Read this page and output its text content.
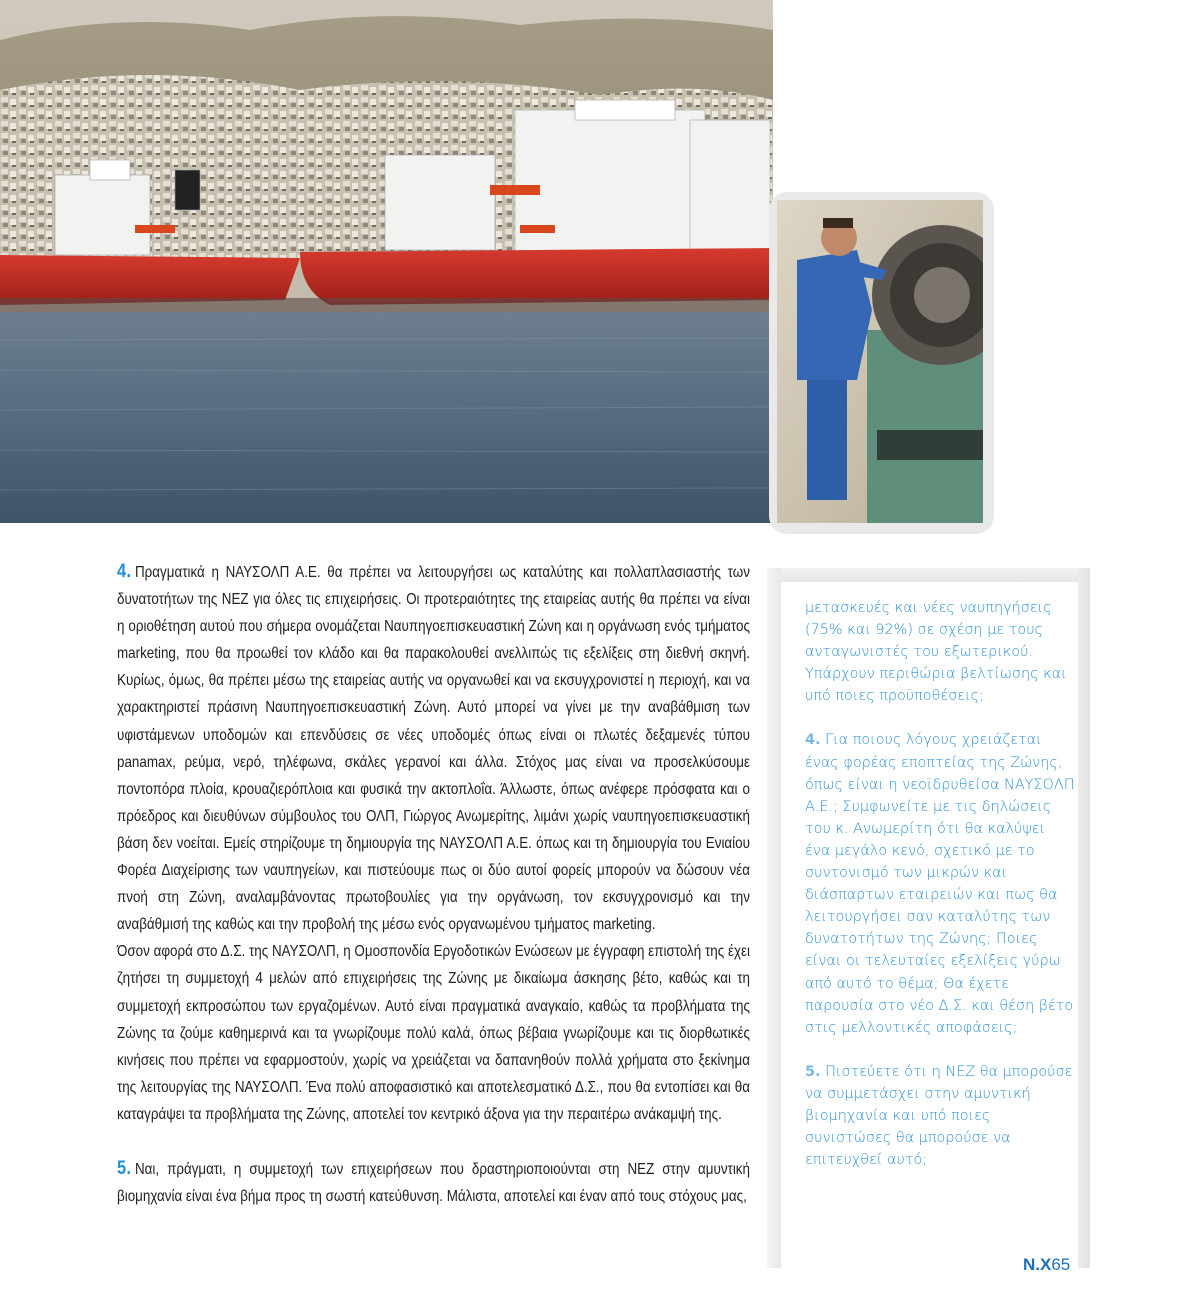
4. Πραγματικά η ΝΑΥΣΟΛΠ Α.Ε. θα πρέπει να λειτουργήσει ως καταλύτης και πολλαπλασιαστής των δυνατοτήτων της ΝΕΖ για όλες τις επιχειρήσεις. Οι προτεραιότητες της εταιρείας αυτής θα πρέπει να είναι η οριοθέτηση αυτού που σήμερα ονομάζεται Ναυπηγοεπισκευαστική Ζώνη και η οργάνωση ενός τμήματος marketing, που θα προωθεί τον κλάδο και θα παρακολουθεί ανελλιπώς τις εξελίξεις στη διεθνή σκηνή. Κυρίως, όμως, θα πρέπει μέσω της εταιρείας αυτής να οργανωθεί και να εκσυγχρονιστεί η περιοχή, και να χαρακτηριστεί πράσινη Ναυπηγοεπισκευαστική Ζώνη. Αυτό μπορεί να γίνει με την αναβάθμιση των υφιστάμενων υποδομών και επενδύσεις σε νέες υποδομές όπως είναι οι πλωτές δεξαμενές τύπου panamax, ρεύμα, νερό, τηλέφωνα, σκάλες γερανοί και άλλα. Στόχος μας είναι να προσελκύσουμε ποντοπόρα πλοία, κρουαζιερόπλοια και φυσικά την ακτοπλοΐα. Άλλωστε, όπως ανέφερε πρόσφατα και ο πρόεδρος και διευθύνων σύμβουλος του ΟΛΠ, Γιώργος Ανωμερίτης, λιμάνι χωρίς ναυπηγοεπισκευαστική βάση δεν νοείται. Εμείς στηρίζουμε τη δημιουργία της ΝΑΥΣΟΛΠ Α.Ε. όπως και τη δημιουργία του Ενιαίου Φορέα Διαχείρισης των ναυπηγείων, και πιστεύουμε πως οι δύο αυτοί φορείς μπορούν να δώσουν νέα πνοή στη Ζώνη, αναλαμβάνοντας πρωτοβουλίες για την οργάνωση, τον εκσυγχρονισμό και την αναβάθμισή της καθώς και την προβολή της μέσω ενός οργανωμένου τμήματος marketing.

Όσον αφορά στο Δ.Σ. της ΝΑΥΣΟΛΠ, η Ομοσπονδία Εργοδοτικών Ενώσεων με έγγραφη επιστολή της έχει ζητήσει τη συμμετοχή 4 μελών από επιχειρήσεις της Ζώνης με δικαίωμα άσκησης βέτο, καθώς και τη συμμετοχή εκπροσώπου των εργαζομένων. Αυτό είναι πραγματικά αναγκαίο, καθώς τα προβλήματα της Ζώνης τα ζούμε καθημερινά και τα γνωρίζουμε πολύ καλά, όπως βέβαια γνωρίζουμε και τις διορθωτικές κινήσεις που πρέπει να εφαρμοστούν, χωρίς να χρειάζεται να δαπανηθούν πολλά χρήματα στο ξεκίνημα της λειτουργίας της ΝΑΥΣΟΛΠ. Ένα πολύ αποφασιστικό και αποτελεσματικό Δ.Σ., που θα εντοπίσει και θα καταγράψει τα προβλήματα της Ζώνης, αποτελεί τον κεντρικό άξονα για την περαιτέρω ανάκαμψή της.

5. Ναι, πράγματι, η συμμετοχή των επιχειρήσεων που δραστηριοποιούνται στη ΝΕΖ στην αμυντική βιομηχανία είναι ένα βήμα προς τη σωστή κατεύθυνση. Μάλιστα, αποτελεί και έναν από τους στόχους μας,

μετασκευές και νέες ναυπηγήσεις (75% και 92%) σε σχέση με τους ανταγωνιστές του εξωτερικού. Υπάρχουν περιθώρια βελτίωσης και υπό ποιες προϋποθέσεις;

4. Για ποιους λόγους χρειάζεται ένας φορέας εποπτείας της Ζώνης, όπως είναι η νεοϊδρυθείσα ΝΑΥΣΟΛΠ Α.Ε.; Συμφωνείτε με τις δηλώσεις του κ. Ανωμερίτη ότι θα καλύψει ένα μεγάλο κενό, σχετικό με το συντονισμό των μικρών και διάσπαρτων εταιρειών και πως θα λειτουργήσει σαν καταλύτης των δυνατοτήτων της Ζώνης; Ποιες είναι οι τελευταίες εξελίξεις γύρω από αυτό το θέμα; Θα έχετε παρουσία στο νέο Δ.Σ. και θέση βέτο στις μελλοντικές αποφάσεις;

5. Πιστεύετε ότι η ΝΕΖ θα μπορούσε να συμμετάσχει στην αμυντική βιομηχανία και υπό ποιες συνιστώσες θα μπορούσε να επιτευχθεί αυτό;

N.X65
